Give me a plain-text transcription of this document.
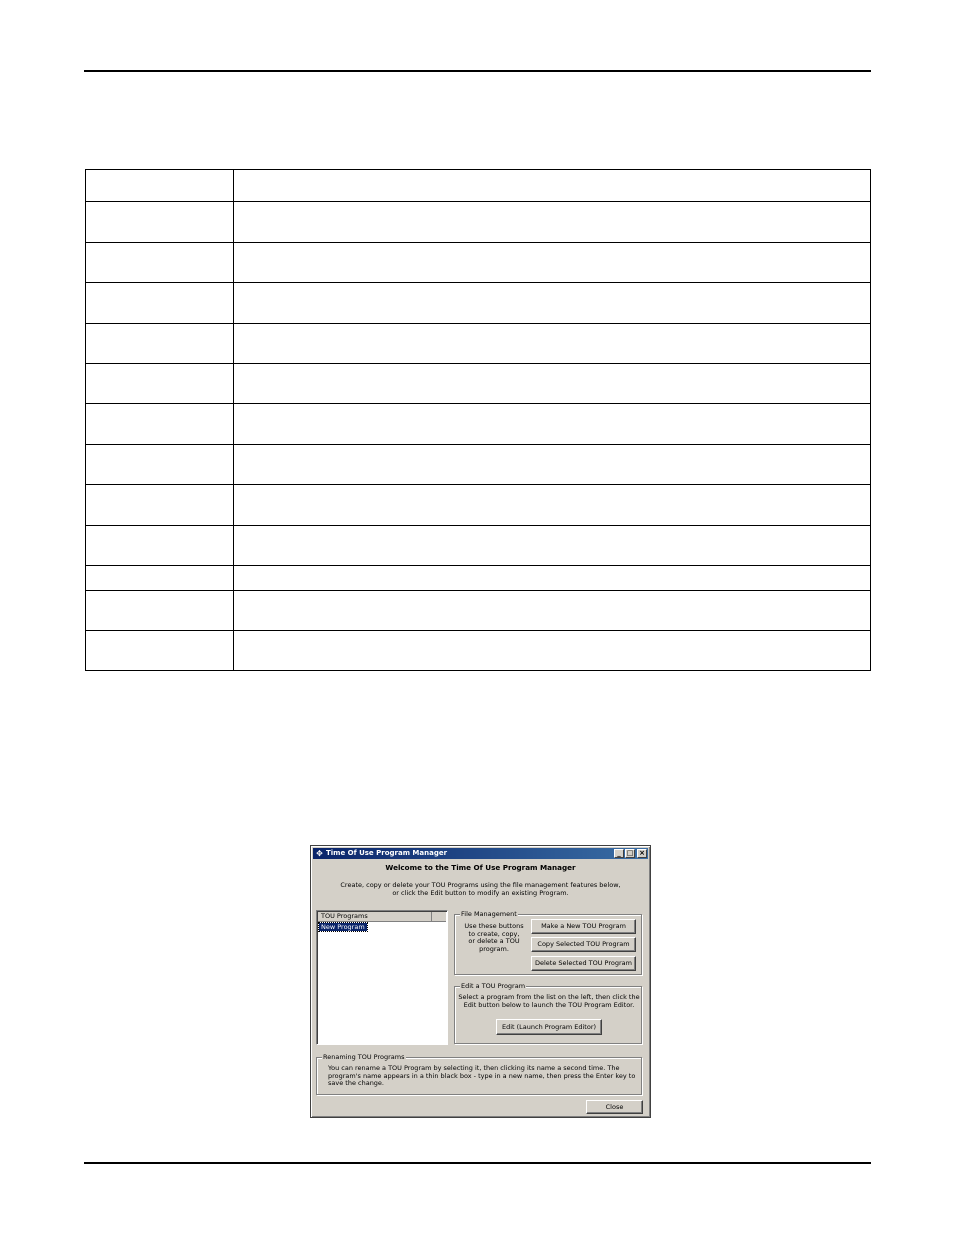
✥ Time Of Use Program Manager	_ □ ×
Welcome to the Time Of Use Program Manager
Create, copy or delete your TOU Programs using the file management features below,
or click the Edit button to modify an existing Program.
TOU Programs
New Program
File Management
Use these buttons
to create, copy,
or delete a TOU
program.
Make a New TOU Program
Copy Selected TOU Program
Delete Selected TOU Program
Edit a TOU Program
Select a program from the list on the left, then click the
Edit button below to launch the TOU Program Editor.
Edit (Launch Program Editor)
Renaming TOU Programs
You can rename a TOU Program by selecting it, then clicking its name a second time. The
program's name appears in a thin black box - type in a new name, then press the Enter key to
save the change.
Close
